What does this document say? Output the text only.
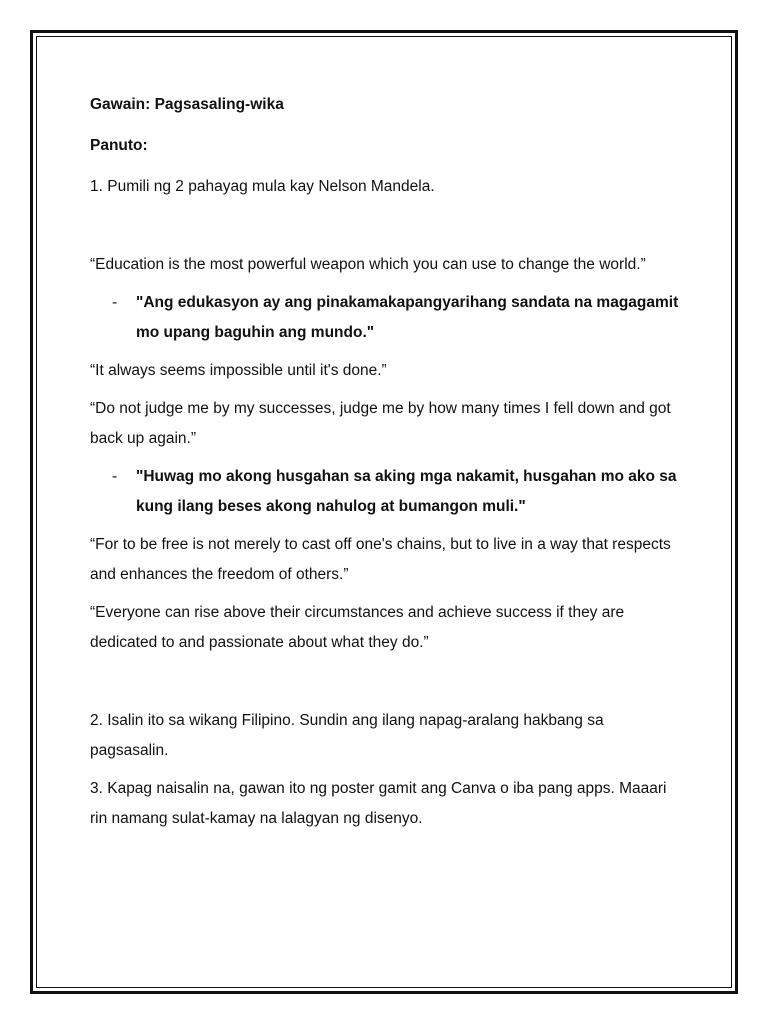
Gawain: Pagsasaling-wika

Panuto:

1. Pumili ng 2 pahayag mula kay Nelson Mandela.

“Education is the most powerful weapon which you can use to change the world.”

-	"Ang edukasyon ay ang pinakamakapangyarihang sandata na magagamit mo upang baguhin ang mundo."

“It always seems impossible until it's done.”

“Do not judge me by my successes, judge me by how many times I fell down and got back up again.”

-	"Huwag mo akong husgahan sa aking mga nakamit, husgahan mo ako sa kung ilang beses akong nahulog at bumangon muli."

“For to be free is not merely to cast off one's chains, but to live in a way that respects and enhances the freedom of others.”

“Everyone can rise above their circumstances and achieve success if they are dedicated to and passionate about what they do.”

2. Isalin ito sa wikang Filipino. Sundin ang ilang napag-aralang hakbang sa pagsasalin.

3. Kapag naisalin na, gawan ito ng poster gamit ang Canva o iba pang apps. Maaari rin namang sulat-kamay na lalagyan ng disenyo.
